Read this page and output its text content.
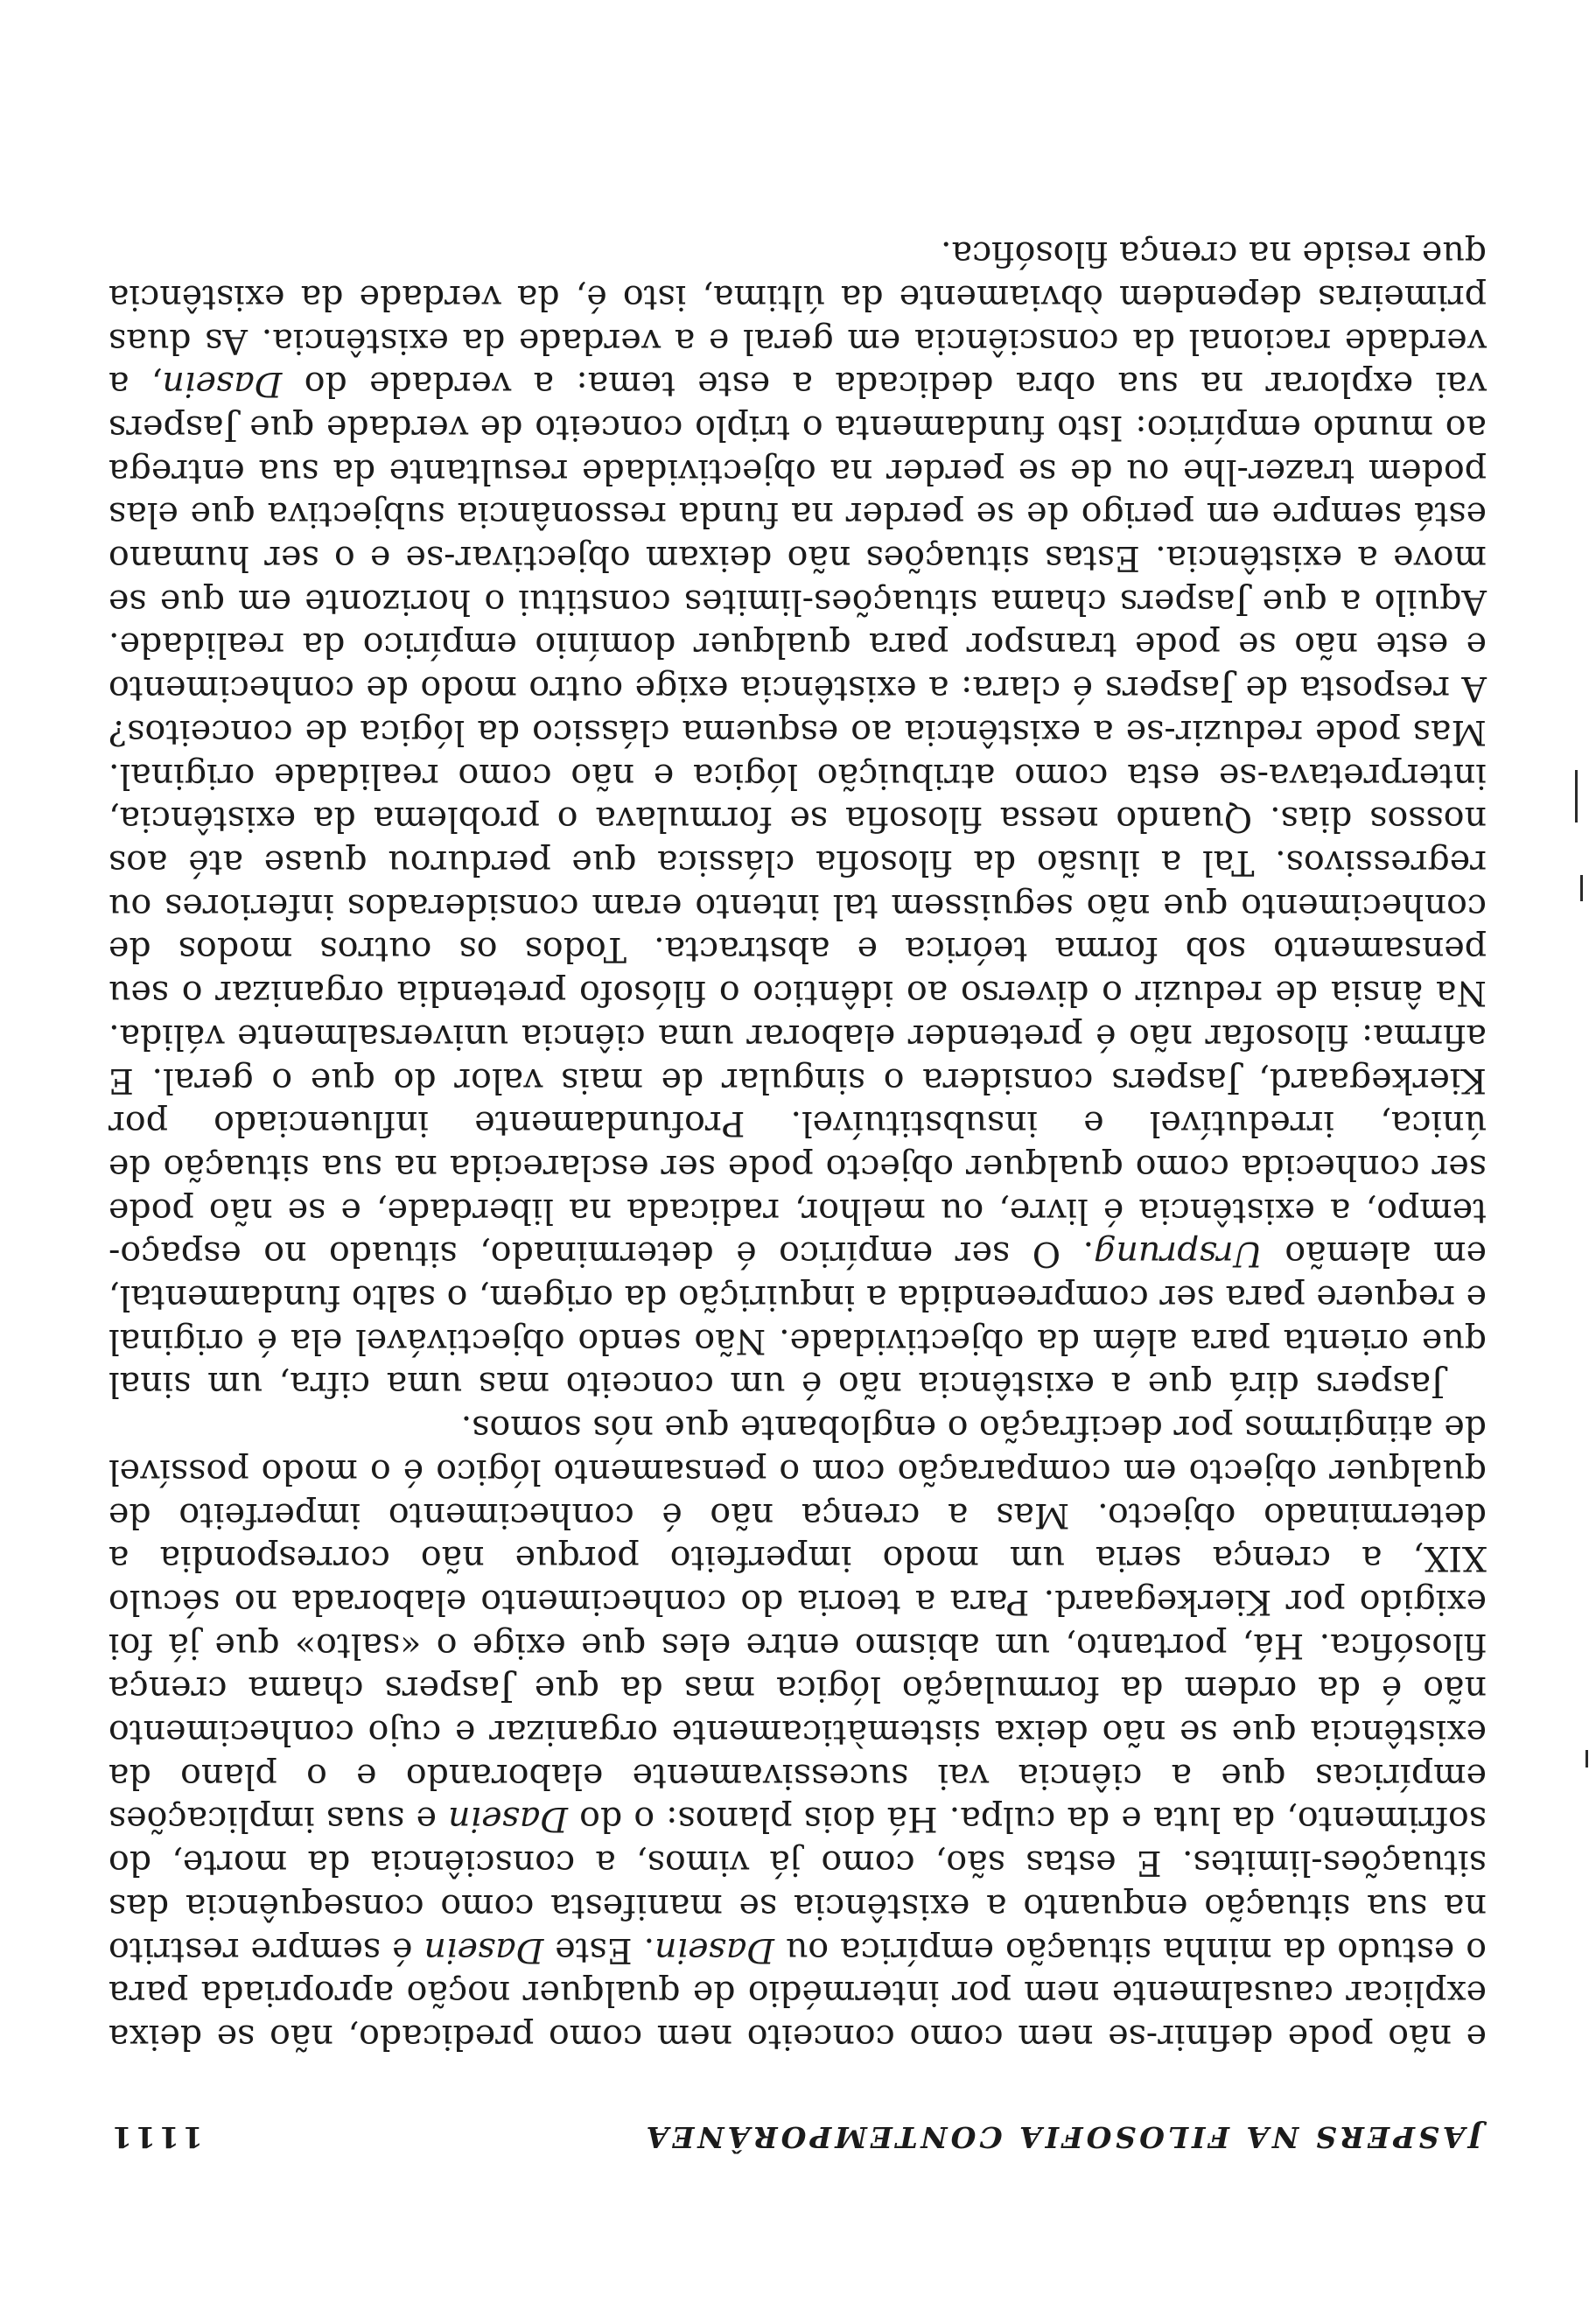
JASPERS NA FILOSOFIA CONTEMPORÂNEA
1111

e não pode definir-se nem como conceito nem como predicado, não se deixa explicar causalmente nem por intermédio de qualquer noção apropriada para o estudo da minha situação empírica ou Dasein. Este Dasein é sempre restrito na sua situação enquanto a existência se manifesta como consequência das situações-limites. E estas são, como já vimos, a consciência da morte, do sofrimento, da luta e da culpa. Há dois planos: o do Dasein e suas implicações empíricas que a ciência vai sucessivamente elaborando e o plano da existência que se não deixa sistemàticamente organizar e cujo conhecimento não é da ordem da formulação lógica mas da que Jaspers chama crença filosófica. Há, portanto, um abismo entre eles que exige o «salto» que já foi exigido por Kierkegaard. Para a teoria do conhecimento elaborada no século XIX, a crença seria um modo imperfeito porque não correspondia a determinado objecto. Mas a crença não é conhecimento imperfeito de qualquer objecto em comparação com o pensamento lógico é o modo possível de atingirmos por decifração o englobante que nós somos.

Jaspers dirá que a existência não é um conceito mas uma cifra, um sinal que orienta para além da objectividade. Não sendo objectivável ela é original e requere para ser compreendida a inquirição da origem, o salto fundamental, em alemão Ursprung. O ser empírico é determinado, situado no espaço-tempo, a existência é livre, ou melhor, radicada na liberdade, e se não pode ser conhecida como qualquer objecto pode ser esclarecida na sua situação de única, irredutível e insubstituível. Profundamente influenciado por Kierkegaard, Jaspers considera o singular de mais valor do que o geral. E afirma: filosofar não é pretender elaborar uma ciência universalmente válida. Na ânsia de reduzir o diverso ao idêntico o filósofo pretendia organizar o seu pensamento sob forma teórica e abstracta. Todos os outros modos de conhecimento que não seguissem tal intento eram considerados inferiores ou regressivos. Tal a ilusão da filosofia clássica que perdurou quase até aos nossos dias. Quando nessa filosofia se formulava o problema da existência, interpretava-se esta como atribuição lógica e não como realidade original. Mas pode reduzir-se a existência ao esquema clássico da lógica de conceitos? A resposta de Jaspers é clara: a existência exige outro modo de conhecimento e este não se pode transpor para qualquer domínio empírico da realidade. Aquilo a que Jaspers chama situações-limites constitui o horizonte em que se move a existência. Estas situações não deixam objectivar-se e o ser humano está sempre em perigo de se perder na funda ressonância subjectiva que elas podem trazer-lhe ou de se perder na objectividade resultante da sua entrega ao mundo empírico: Isto fundamenta o triplo conceito de verdade que Jaspers vai explorar na sua obra dedicada a este tema: a verdade do Dasein, a verdade racional da consciência em geral e a verdade da existência. As duas primeiras dependem òbviamente da última, isto é, da verdade da existência que reside na crença filosófica.
